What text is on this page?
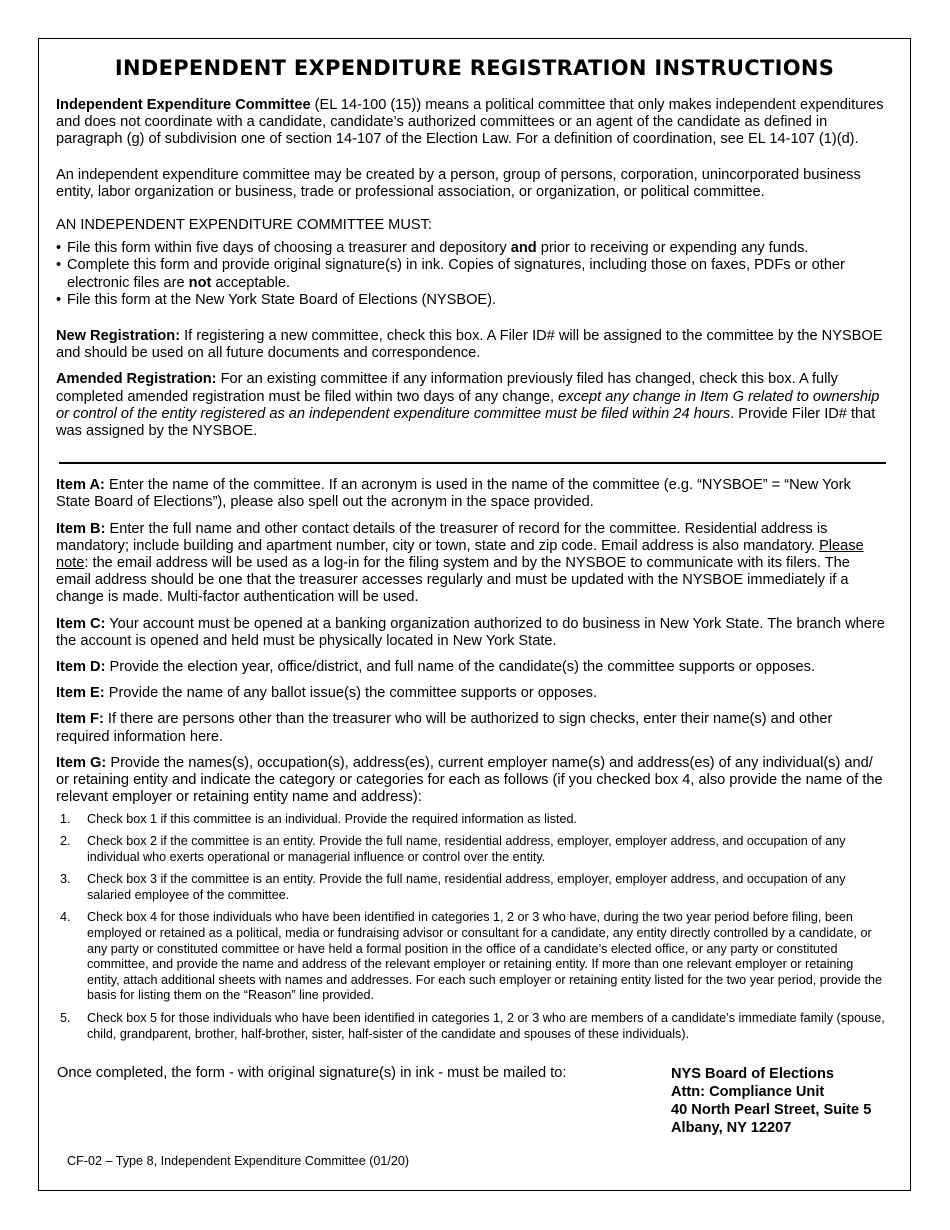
INDEPENDENT EXPENDITURE REGISTRATION INSTRUCTIONS

Independent Expenditure Committee (EL 14-100 (15)) means a political committee that only makes independent expenditures and does not coordinate with a candidate, candidate’s authorized committees or an agent of the candidate as defined in paragraph (g) of subdivision one of section 14-107 of the Election Law. For a definition of coordination, see EL 14-107 (1)(d).

An independent expenditure committee may be created by a person, group of persons, corporation, unincorporated business entity, labor organization or business, trade or professional association, or organization, or political committee.

AN INDEPENDENT EXPENDITURE COMMITTEE MUST:

• File this form within five days of choosing a treasurer and depository and prior to receiving or expending any funds.
• Complete this form and provide original signature(s) in ink. Copies of signatures, including those on faxes, PDFs or other electronic files are not acceptable.
• File this form at the New York State Board of Elections (NYSBOE).

New Registration: If registering a new committee, check this box. A Filer ID# will be assigned to the committee by the NYSBOE and should be used on all future documents and correspondence.

Amended Registration: For an existing committee if any information previously filed has changed, check this box. A fully completed amended registration must be filed within two days of any change, except any change in Item G related to ownership or control of the entity registered as an independent expenditure committee must be filed within 24 hours. Provide Filer ID# that was assigned by the NYSBOE.

Item A: Enter the name of the committee. If an acronym is used in the name of the committee (e.g. “NYSBOE” = “New York State Board of Elections”), please also spell out the acronym in the space provided.

Item B: Enter the full name and other contact details of the treasurer of record for the committee. Residential address is mandatory; include building and apartment number, city or town, state and zip code. Email address is also mandatory. Please note: the email address will be used as a log-in for the filing system and by the NYSBOE to communicate with its filers. The email address should be one that the treasurer accesses regularly and must be updated with the NYSBOE immediately if a change is made. Multi-factor authentication will be used.

Item C: Your account must be opened at a banking organization authorized to do business in New York State. The branch where the account is opened and held must be physically located in New York State.

Item D: Provide the election year, office/district, and full name of the candidate(s) the committee supports or opposes.

Item E: Provide the name of any ballot issue(s) the committee supports or opposes.

Item F: If there are persons other than the treasurer who will be authorized to sign checks, enter their name(s) and other required information here.

Item G: Provide the names(s), occupation(s), address(es), current employer name(s) and address(es) of any individual(s) and/ or retaining entity and indicate the category or categories for each as follows (if you checked box 4, also provide the name of the relevant employer or retaining entity name and address):

1. Check box 1 if this committee is an individual. Provide the required information as listed.
2. Check box 2 if the committee is an entity. Provide the full name, residential address, employer, employer address, and occupation of any individual who exerts operational or managerial influence or control over the entity.
3. Check box 3 if the committee is an entity. Provide the full name, residential address, employer, employer address, and occupation of any salaried employee of the committee.
4. Check box 4 for those individuals who have been identified in categories 1, 2 or 3 who have, during the two year period before filing, been employed or retained as a political, media or fundraising advisor or consultant for a candidate, any entity directly controlled by a candidate, or any party or constituted committee or have held a formal position in the office of a candidate’s elected office, or any party or constituted committee, and provide the name and address of the relevant employer or retaining entity. If more than one relevant employer or retaining entity, attach additional sheets with names and addresses. For each such employer or retaining entity listed for the two year period, provide the basis for listing them on the “Reason” line provided.
5. Check box 5 for those individuals who have been identified in categories 1, 2 or 3 who are members of a candidate’s immediate family (spouse, child, grandparent, brother, half-brother, sister, half-sister of the candidate and spouses of these individuals).
Once completed, the form - with original signature(s) in ink - must be mailed to:	NYS Board of Elections
Attn: Compliance Unit
40 North Pearl Street, Suite 5
Albany, NY 12207
CF-02 – Type 8, Independent Expenditure Committee (01/20)
